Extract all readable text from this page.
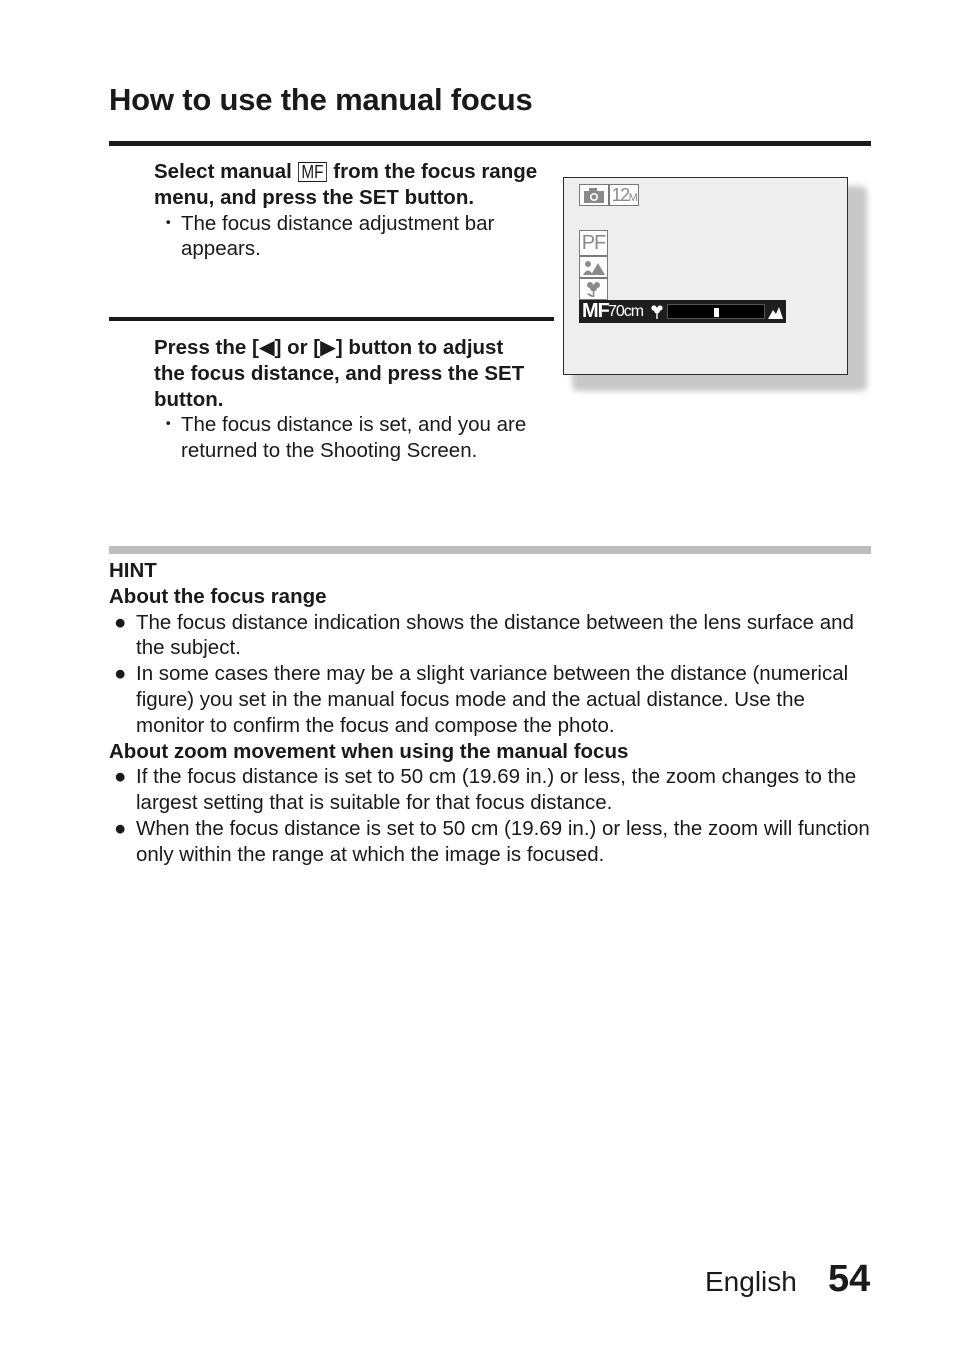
How to use the manual focus
Select manual MF from the focus range menu, and press the SET button.
・ The focus distance adjustment bar appears.
Press the [◀] or [▶] button to adjust the focus distance, and press the SET button.
・ The focus distance is set, and you are returned to the Shooting Screen.
12M
PF
MF 70cm
HINT
About the focus range
● The focus distance indication shows the distance between the lens surface and the subject.
● In some cases there may be a slight variance between the distance (numerical figure) you set in the manual focus mode and the actual distance. Use the monitor to confirm the focus and compose the photo.
About zoom movement when using the manual focus
● If the focus distance is set to 50 cm (19.69 in.) or less, the zoom changes to the largest setting that is suitable for that focus distance.
● When the focus distance is set to 50 cm (19.69 in.) or less, the zoom will function only within the range at which the image is focused.
English 54
